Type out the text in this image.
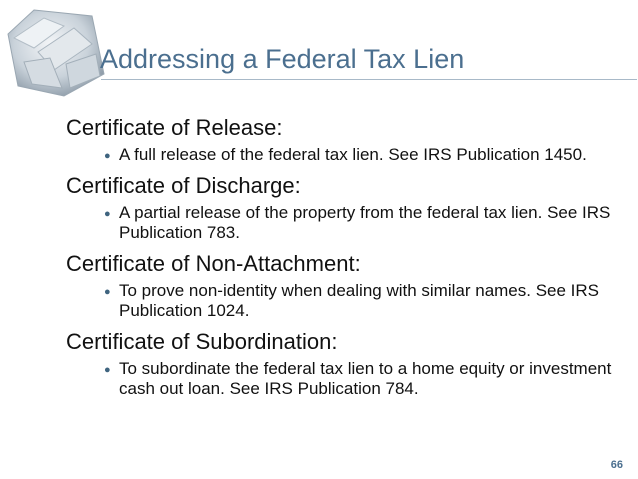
Addressing a Federal Tax Lien
Certificate of Release:
● A full release of the federal tax lien. See IRS Publication 1450.
Certificate of Discharge:
● A partial release of the property from the federal tax lien. See IRS Publication 783.
Certificate of Non-Attachment:
● To prove non-identity when dealing with similar names. See IRS Publication 1024.
Certificate of Subordination:
● To subordinate the federal tax lien to a home equity or investment cash out loan. See IRS Publication 784.
66
